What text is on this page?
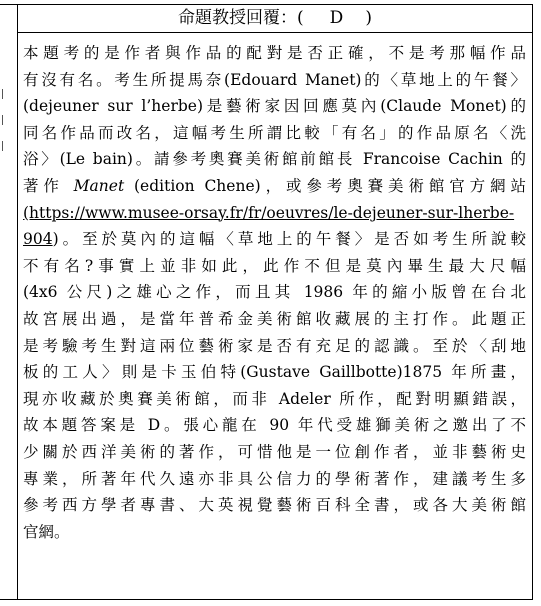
命題教授回覆：( D )
本題考的是作者與作品的配對是否正確，不是考那幅作品
有沒有名。考生所提馬奈(Edouard Manet)的〈草地上的午餐〉
(dejeuner sur l’herbe)是藝術家因回應莫內(Claude Monet)的
同名作品而改名，這幅考生所謂比較「有名」的作品原名〈洗
浴〉(Le bain)。請參考奧賽美術館前館長 Francoise Cachin 的
著作 Manet (edition Chene)，或參考奧賽美術館官方網站
(https://www.musee-orsay.fr/fr/oeuvres/le-dejeuner-sur-lherbe-
904)。至於莫內的這幅〈草地上的午餐〉是否如考生所說較
不有名?事實上並非如此，此作不但是莫內畢生最大尺幅
(4x6 公尺)之雄心之作，而且其 1986 年的縮小版曾在台北
故宮展出過，是當年普希金美術館收藏展的主打作。此題正
是考驗考生對這兩位藝術家是否有充足的認識。至於〈刮地
板的工人〉則是卡玉伯特(Gustave Gaillbotte)1875 年所畫，
現亦收藏於奧賽美術館，而非 Adeler 所作，配對明顯錯誤，
故本題答案是 D。張心龍在 90 年代受雄獅美術之邀出了不
少關於西洋美術的著作，可惜他是一位創作者，並非藝術史
專業，所著年代久遠亦非具公信力的學術著作，建議考生多
參考西方學者專書、大英視覺藝術百科全書，或各大美術館
官網。
